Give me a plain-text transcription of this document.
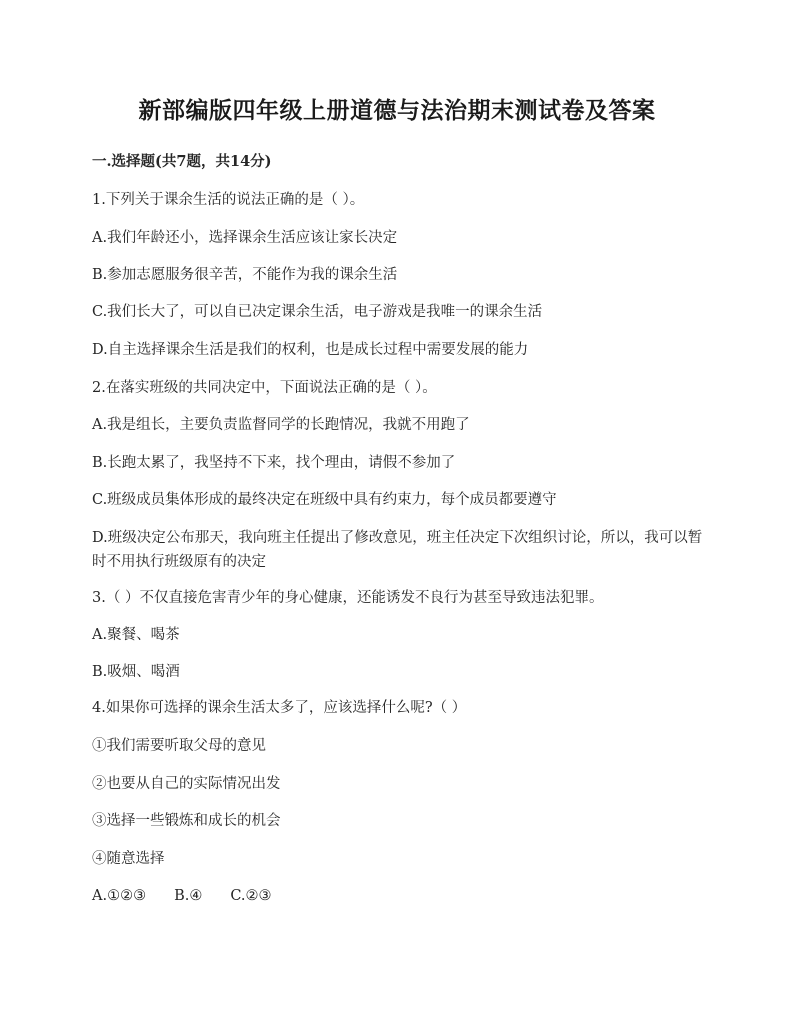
新部编版四年级上册道德与法治期末测试卷及答案
一.选择题(共7题，共14分)
1.下列关于课余生活的说法正确的是（ ）。
A.我们年龄还小，选择课余生活应该让家长决定
B.参加志愿服务很辛苦，不能作为我的课余生活
C.我们长大了，可以自已决定课余生活，电子游戏是我唯一的课余生活
D.自主选择课余生活是我们的权利，也是成长过程中需要发展的能力
2.在落实班级的共同决定中，下面说法正确的是（ ）。
A.我是组长，主要负责监督同学的长跑情况，我就不用跑了
B.长跑太累了，我坚持不下来，找个理由，请假不参加了
C.班级成员集体形成的最终决定在班级中具有约束力，每个成员都要遵守
D.班级决定公布那天，我向班主任提出了修改意见，班主任决定下次组织讨论，所以，我可以暂时不用执行班级原有的决定
3.（ ）不仅直接危害青少年的身心健康，还能诱发不良行为甚至导致违法犯罪。
A.聚餐、喝茶
B.吸烟、喝酒
4.如果你可选择的课余生活太多了，应该选择什么呢?（ ）
①我们需要听取父母的意见
②也要从自己的实际情况出发
③选择一些锻炼和成长的机会
④随意选择
A.①②③ B.④ C.②③
